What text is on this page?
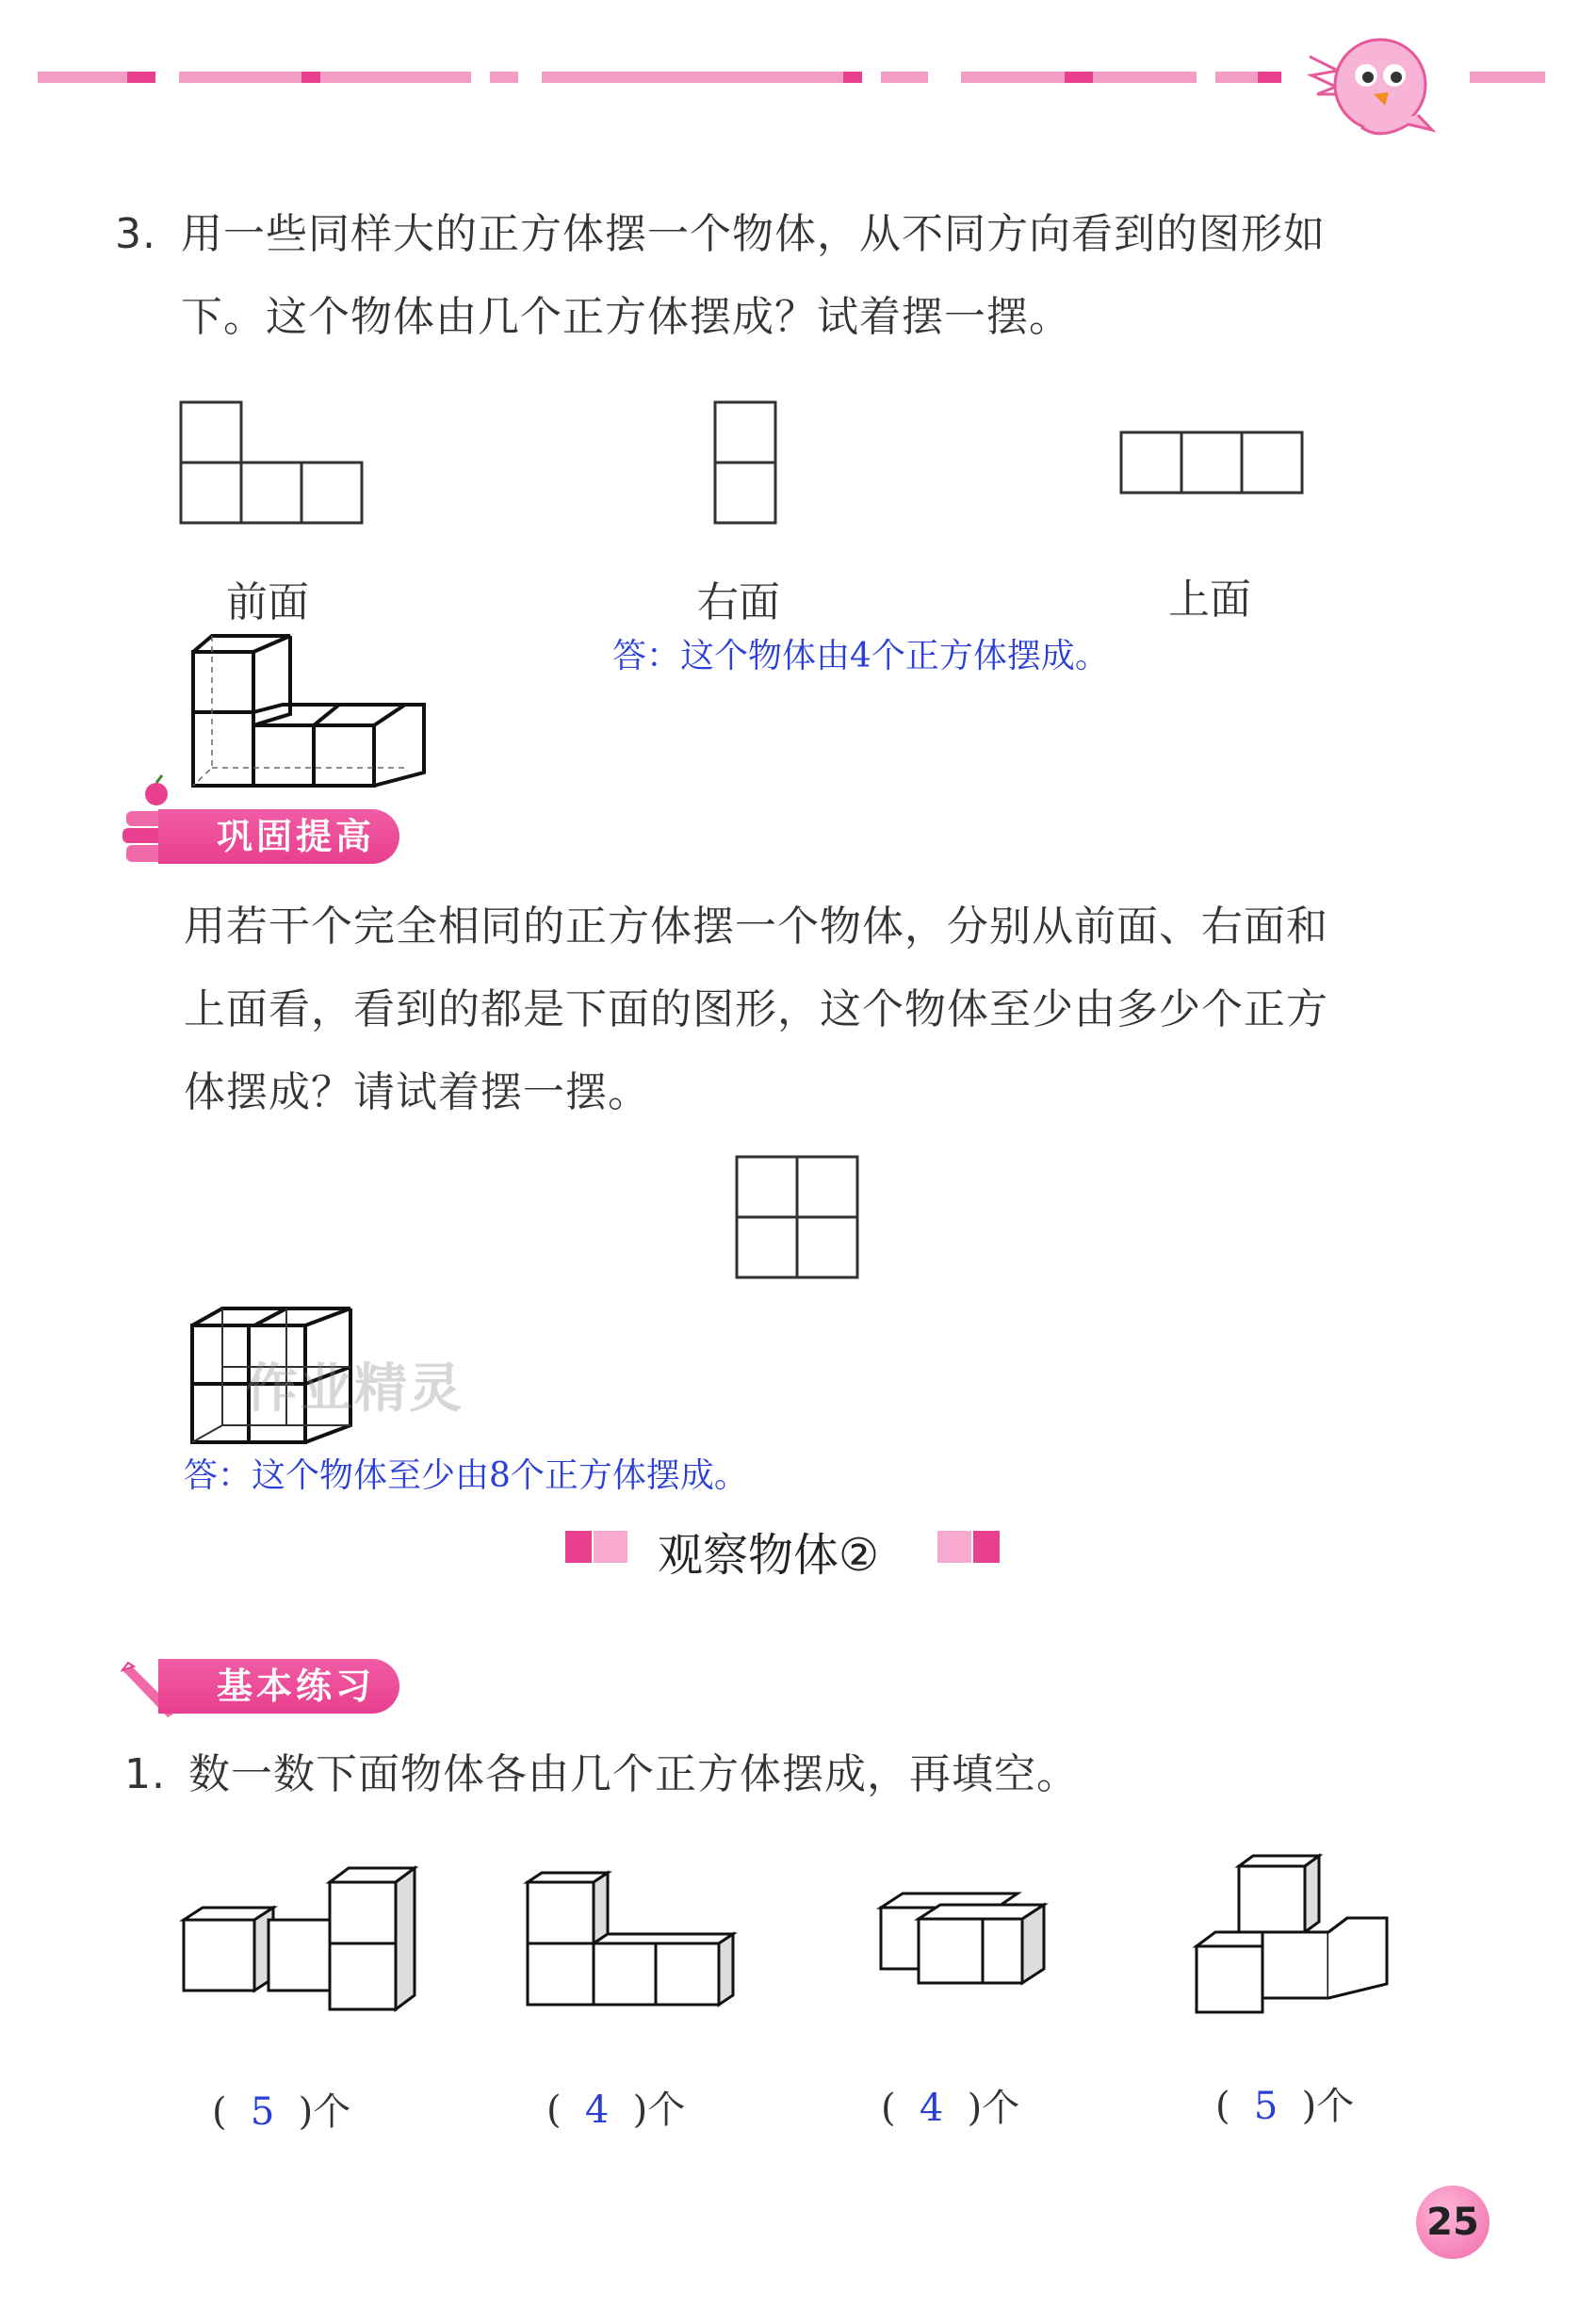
3. 用一些同样大的正方体摆一个物体，从不同方向看到的图形如
下。这个物体由几个正方体摆成？试着摆一摆。
前面	右面	上面
答：这个物体由4个正方体摆成。
巩固提高
用若干个完全相同的正方体摆一个物体，分别从前面、右面和
上面看，看到的都是下面的图形，这个物体至少由多少个正方
体摆成？请试着摆一摆。
作业精灵
答：这个物体至少由8个正方体摆成。
观察物体②
基本练习
1. 数一数下面物体各由几个正方体摆成，再填空。
( 5 )个	( 4 )个	( 4 )个	( 5 )个
25
